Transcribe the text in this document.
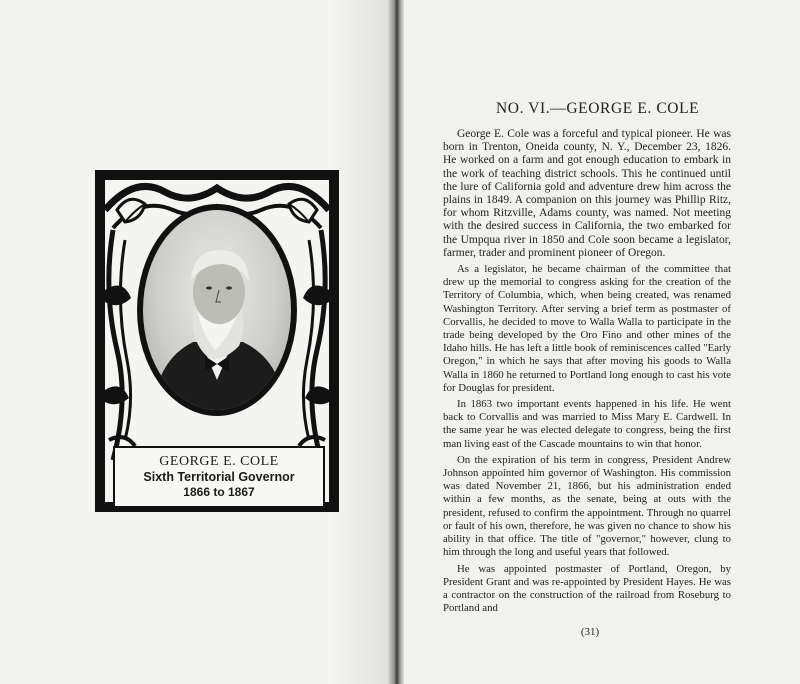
GEORGE E. COLE
Sixth Territorial Governor
1866 to 1867
NO. VI.—GEORGE E. COLE

George E. Cole was a forceful and typical pioneer. He was born in Trenton, Oneida county, N. Y., December 23, 1826. He worked on a farm and got enough education to embark in the work of teaching district schools. This he continued until the lure of California gold and adventure drew him across the plains in 1849. A companion on this journey was Phillip Ritz, for whom Ritzville, Adams county, was named. Not meeting with the desired success in California, the two embarked for the Umpqua river in 1850 and Cole soon became a legislator, farmer, trader and prominent pioneer of Oregon.

As a legislator, he became chairman of the committee that drew up the memorial to congress asking for the creation of the Territory of Columbia, which, when being created, was renamed Washington Territory. After serving a brief term as postmaster of Corvallis, he decided to move to Walla Walla to participate in the trade being developed by the Oro Fino and other mines of the Idaho hills. He has left a little book of reminiscences called "Early Oregon," in which he says that after moving his goods to Walla Walla in 1860 he returned to Portland long enough to cast his vote for Douglas for president.

In 1863 two important events happened in his life. He went back to Corvallis and was married to Miss Mary E. Cardwell. In the same year he was elected delegate to congress, being the first man living east of the Cascade mountains to win that honor.

On the expiration of his term in congress, President Andrew Johnson appointed him governor of Washington. His commission was dated November 21, 1866, but his administration ended within a few months, as the senate, being at outs with the president, refused to confirm the appointment. Through no quarrel or fault of his own, therefore, he was given no chance to show his ability in that office. The title of "governor," however, clung to him through the long and useful years that followed.

He was appointed postmaster of Portland, Oregon, by President Grant and was re-appointed by President Hayes. He was a contractor on the construction of the railroad from Roseburg to Portland and

(31)
